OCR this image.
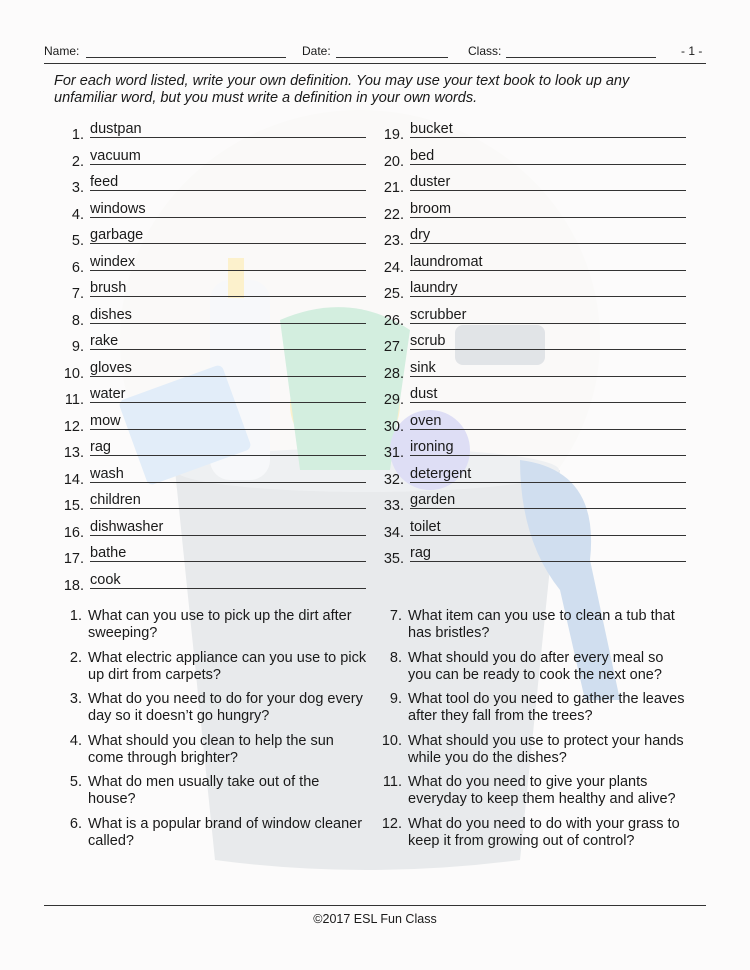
Name:	Date:	Class:	- 1 -
For each word listed, write your own definition. You may use your text book to look up any unfamiliar word, but you must write a definition in your own words.
1. dustpan
2. vacuum
3. feed
4. windows
5. garbage
6. windex
7. brush
8. dishes
9. rake
10. gloves
11. water
12. mow
13. rag
14. wash
15. children
16. dishwasher
17. bathe
18. cook
19. bucket
20. bed
21. duster
22. broom
23. dry
24. laundromat
25. laundry
26. scrubber
27. scrub
28. sink
29. dust
30. oven
31. ironing
32. detergent
33. garden
34. toilet
35. rag
1. What can you use to pick up the dirt after sweeping?
2. What electric appliance can you use to pick up dirt from carpets?
3. What do you need to do for your dog every day so it doesn’t go hungry?
4. What should you clean to help the sun come through brighter?
5. What do men usually take out of the house?
6. What is a popular brand of window cleaner called?
7. What item can you use to clean a tub that has bristles?
8. What should you do after every meal so you can be ready to cook the next one?
9. What tool do you need to gather the leaves after they fall from the trees?
10. What should you use to protect your hands while you do the dishes?
11. What do you need to give your plants everyday to keep them healthy and alive?
12. What do you need to do with your grass to keep it from growing out of control?
©2017 ESL Fun Class
